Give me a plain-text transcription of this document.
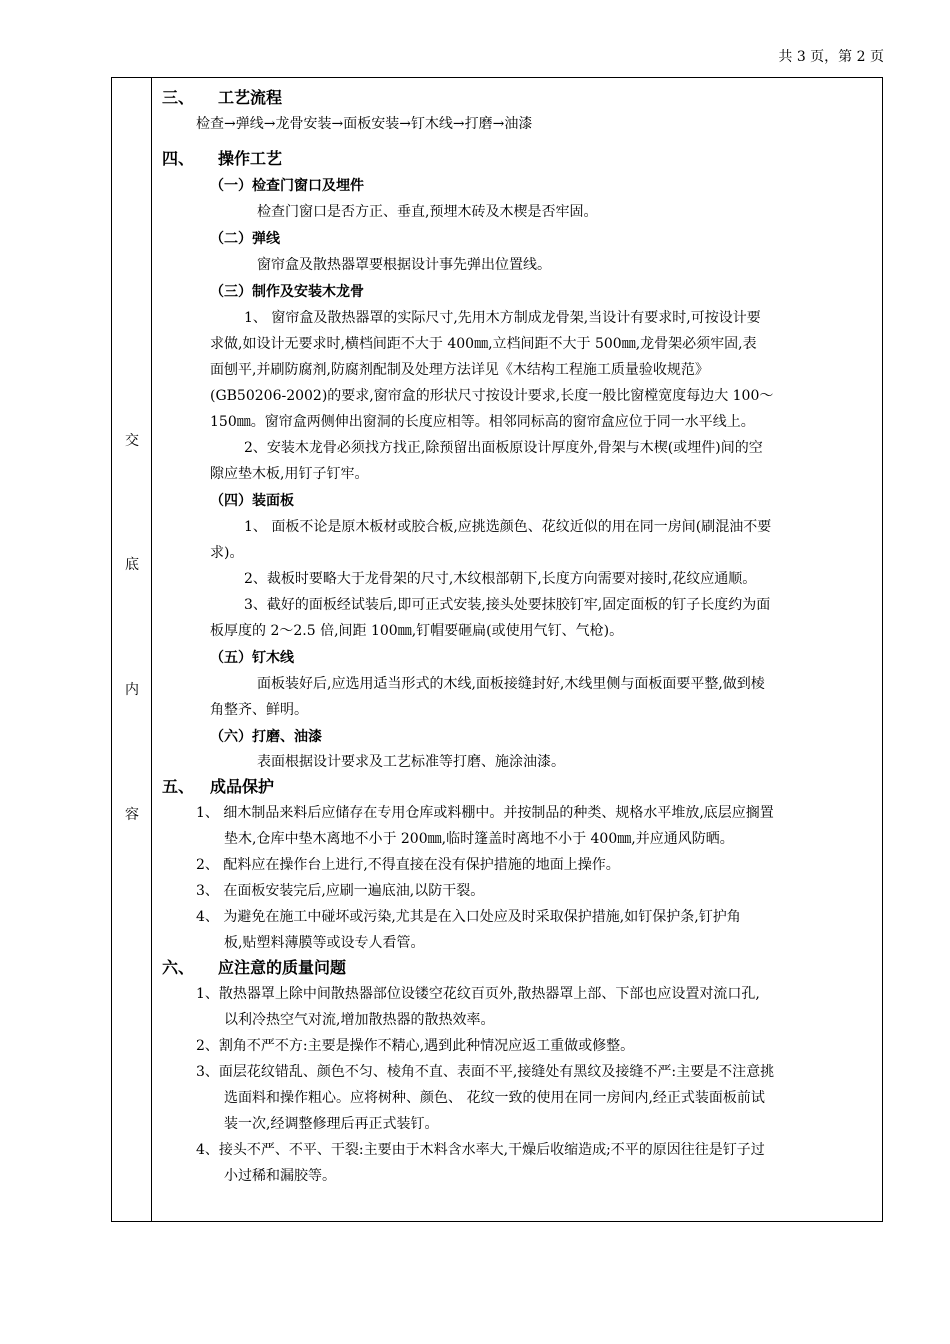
共 3 页，第 2 页
交
底
内
容
三、 工艺流程
检查→弹线→龙骨安装→面板安装→钉木线→打磨→油漆
四、 操作工艺
（一）检查门窗口及埋件
检查门窗口是否方正、垂直,预埋木砖及木楔是否牢固。
（二）弹线
窗帘盒及散热器罩要根据设计事先弹出位置线。
（三）制作及安装木龙骨
1、 窗帘盒及散热器罩的实际尺寸,先用木方制成龙骨架,当设计有要求时,可按设计要
求做,如设计无要求时,横档间距不大于 400㎜,立档间距不大于 500㎜,龙骨架必须牢固,表
面刨平,并刷防腐剂,防腐剂配制及处理方法详见《木结构工程施工质量验收规范》
(GB50206-2002)的要求,窗帘盒的形状尺寸按设计要求,长度一般比窗樘宽度每边大 100～
150㎜。窗帘盒两侧伸出窗洞的长度应相等。相邻同标高的窗帘盒应位于同一水平线上。
2、安装木龙骨必须找方找正,除预留出面板原设计厚度外,骨架与木楔(或埋件)间的空
隙应垫木板,用钉子钉牢。
（四）装面板
1、 面板不论是原木板材或胶合板,应挑选颜色、花纹近似的用在同一房间(刷混油不要
求)。
2、裁板时要略大于龙骨架的尺寸,木纹根部朝下,长度方向需要对接时,花纹应通顺。
3、截好的面板经试装后,即可正式安装,接头处要抹胶钉牢,固定面板的钉子长度约为面
板厚度的 2～2.5 倍,间距 100㎜,钉帽要砸扁(或使用气钉、气枪)。
（五）钉木线
面板装好后,应选用适当形式的木线,面板接缝封好,木线里侧与面板面要平整,做到棱
角整齐、鲜明。
（六）打磨、油漆
表面根据设计要求及工艺标准等打磨、施涂油漆。
五、 成品保护
1、 细木制品来料后应储存在专用仓库或料棚中。并按制品的种类、规格水平堆放,底层应搁置
垫木,仓库中垫木离地不小于 200㎜,临时篷盖时离地不小于 400㎜,并应通风防晒。
2、 配料应在操作台上进行,不得直接在没有保护措施的地面上操作。
3、 在面板安装完后,应刷一遍底油,以防干裂。
4、 为避免在施工中碰坏或污染,尤其是在入口处应及时采取保护措施,如钉保护条,钉护角
板,贴塑料薄膜等或设专人看管。
六、 应注意的质量问题
1、散热器罩上除中间散热器部位设镂空花纹百页外,散热器罩上部、下部也应设置对流口孔,
以利冷热空气对流,增加散热器的散热效率。
2、割角不严不方:主要是操作不精心,遇到此种情况应返工重做或修整。
3、面层花纹错乱、颜色不匀、棱角不直、表面不平,接缝处有黑纹及接缝不严:主要是不注意挑
选面料和操作粗心。应将树种、颜色、 花纹一致的使用在同一房间内,经正式装面板前试
装一次,经调整修理后再正式装钉。
4、接头不严、不平、干裂:主要由于木料含水率大,干燥后收缩造成;不平的原因往往是钉子过
小过稀和漏胶等。
